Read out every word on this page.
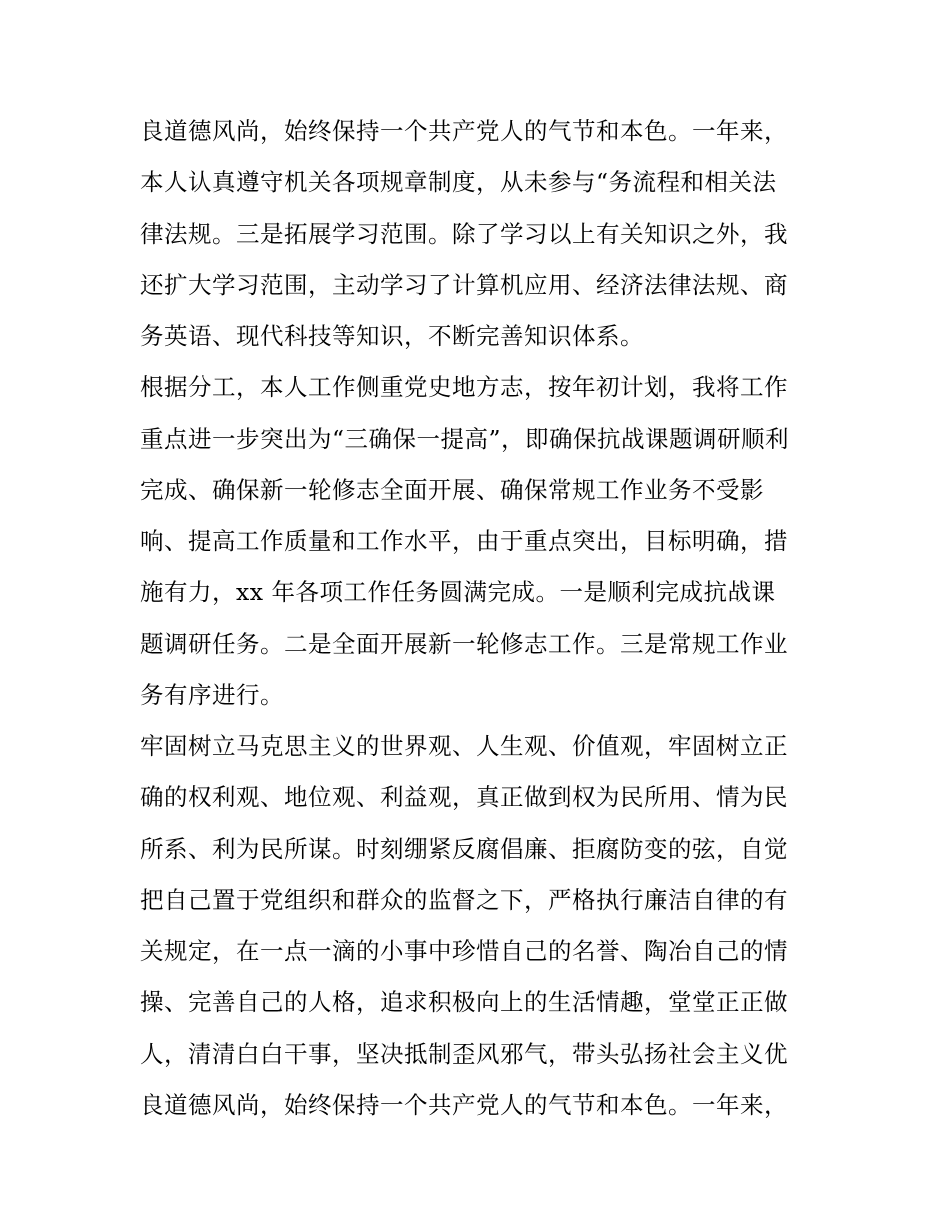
良道德风尚，始终保持一个共产党人的气节和本色。一年来，
本人认真遵守机关各项规章制度，从未参与“务流程和相关法
律法规。三是拓展学习范围。除了学习以上有关知识之外，我
还扩大学习范围，主动学习了计算机应用、经济法律法规、商
务英语、现代科技等知识，不断完善知识体系。
根据分工，本人工作侧重党史地方志，按年初计划，我将工作
重点进一步突出为“三确保一提高”，即确保抗战课题调研顺利
完成、确保新一轮修志全面开展、确保常规工作业务不受影
响、提高工作质量和工作水平，由于重点突出，目标明确，措
施有力，xx 年各项工作任务圆满完成。一是顺利完成抗战课
题调研任务。二是全面开展新一轮修志工作。三是常规工作业
务有序进行。
牢固树立马克思主义的世界观、人生观、价值观，牢固树立正
确的权利观、地位观、利益观，真正做到权为民所用、情为民
所系、利为民所谋。时刻绷紧反腐倡廉、拒腐防变的弦，自觉
把自己置于党组织和群众的监督之下，严格执行廉洁自律的有
关规定，在一点一滴的小事中珍惜自己的名誉、陶冶自己的情
操、完善自己的人格，追求积极向上的生活情趣，堂堂正正做
人，清清白白干事，坚决抵制歪风邪气，带头弘扬社会主义优
良道德风尚，始终保持一个共产党人的气节和本色。一年来，
